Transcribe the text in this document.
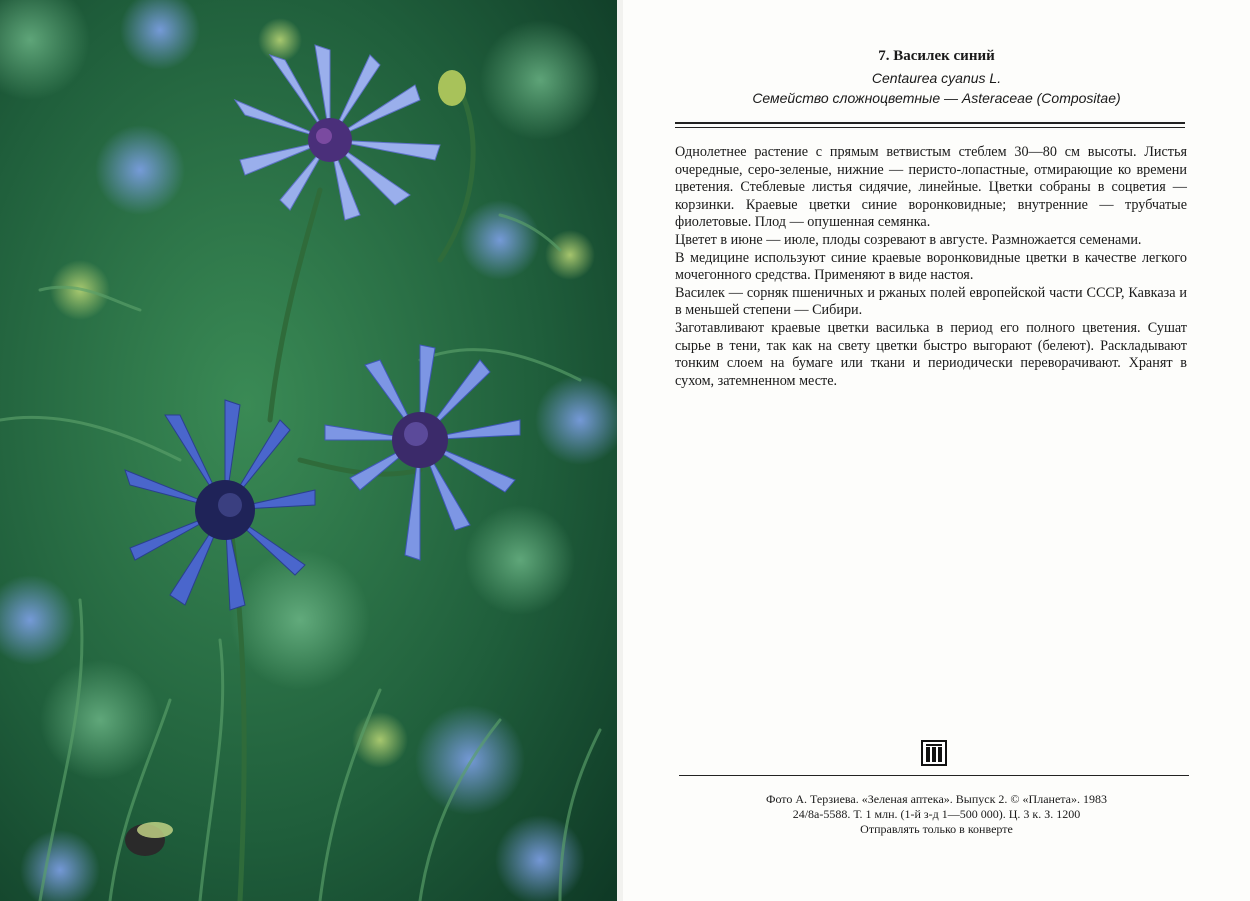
7. Василек синий
Centaurea cyanus L.
Семейство сложноцветные — Asteraceae (Compositae)

Однолетнее растение с прямым ветвистым стеблем 30—80 см высоты. Листья очередные, серо-зеленые, нижние — перисто-лопастные, отмирающие ко времени цветения. Стеблевые листья сидячие, линейные. Цветки собраны в соцветия — корзинки. Краевые цветки синие воронковидные; внутренние — трубчатые фиолетовые. Плод — опушенная семянка.

Цветет в июне — июле, плоды созревают в августе. Размножается семенами.

В медицине используют синие краевые воронковидные цветки в качестве легкого мочегонного средства. Применяют в виде настоя.

Василек — сорняк пшеничных и ржаных полей европейской части СССР, Кавказа и в меньшей степени — Сибири.

Заготавливают краевые цветки василька в период его полного цветения. Сушат сырье в тени, так как на свету цветки быстро выгорают (белеют). Раскладывают тонким слоем на бумаге или ткани и периодически переворачивают. Хранят в сухом, затемненном месте.

Фото А. Терзиева. «Зеленая аптека». Выпуск 2. © «Планета». 1983
24/8а-5588. Т. 1 млн. (1-й з-д 1—500 000). Ц. 3 к. З. 1200
Отправлять только в конверте
